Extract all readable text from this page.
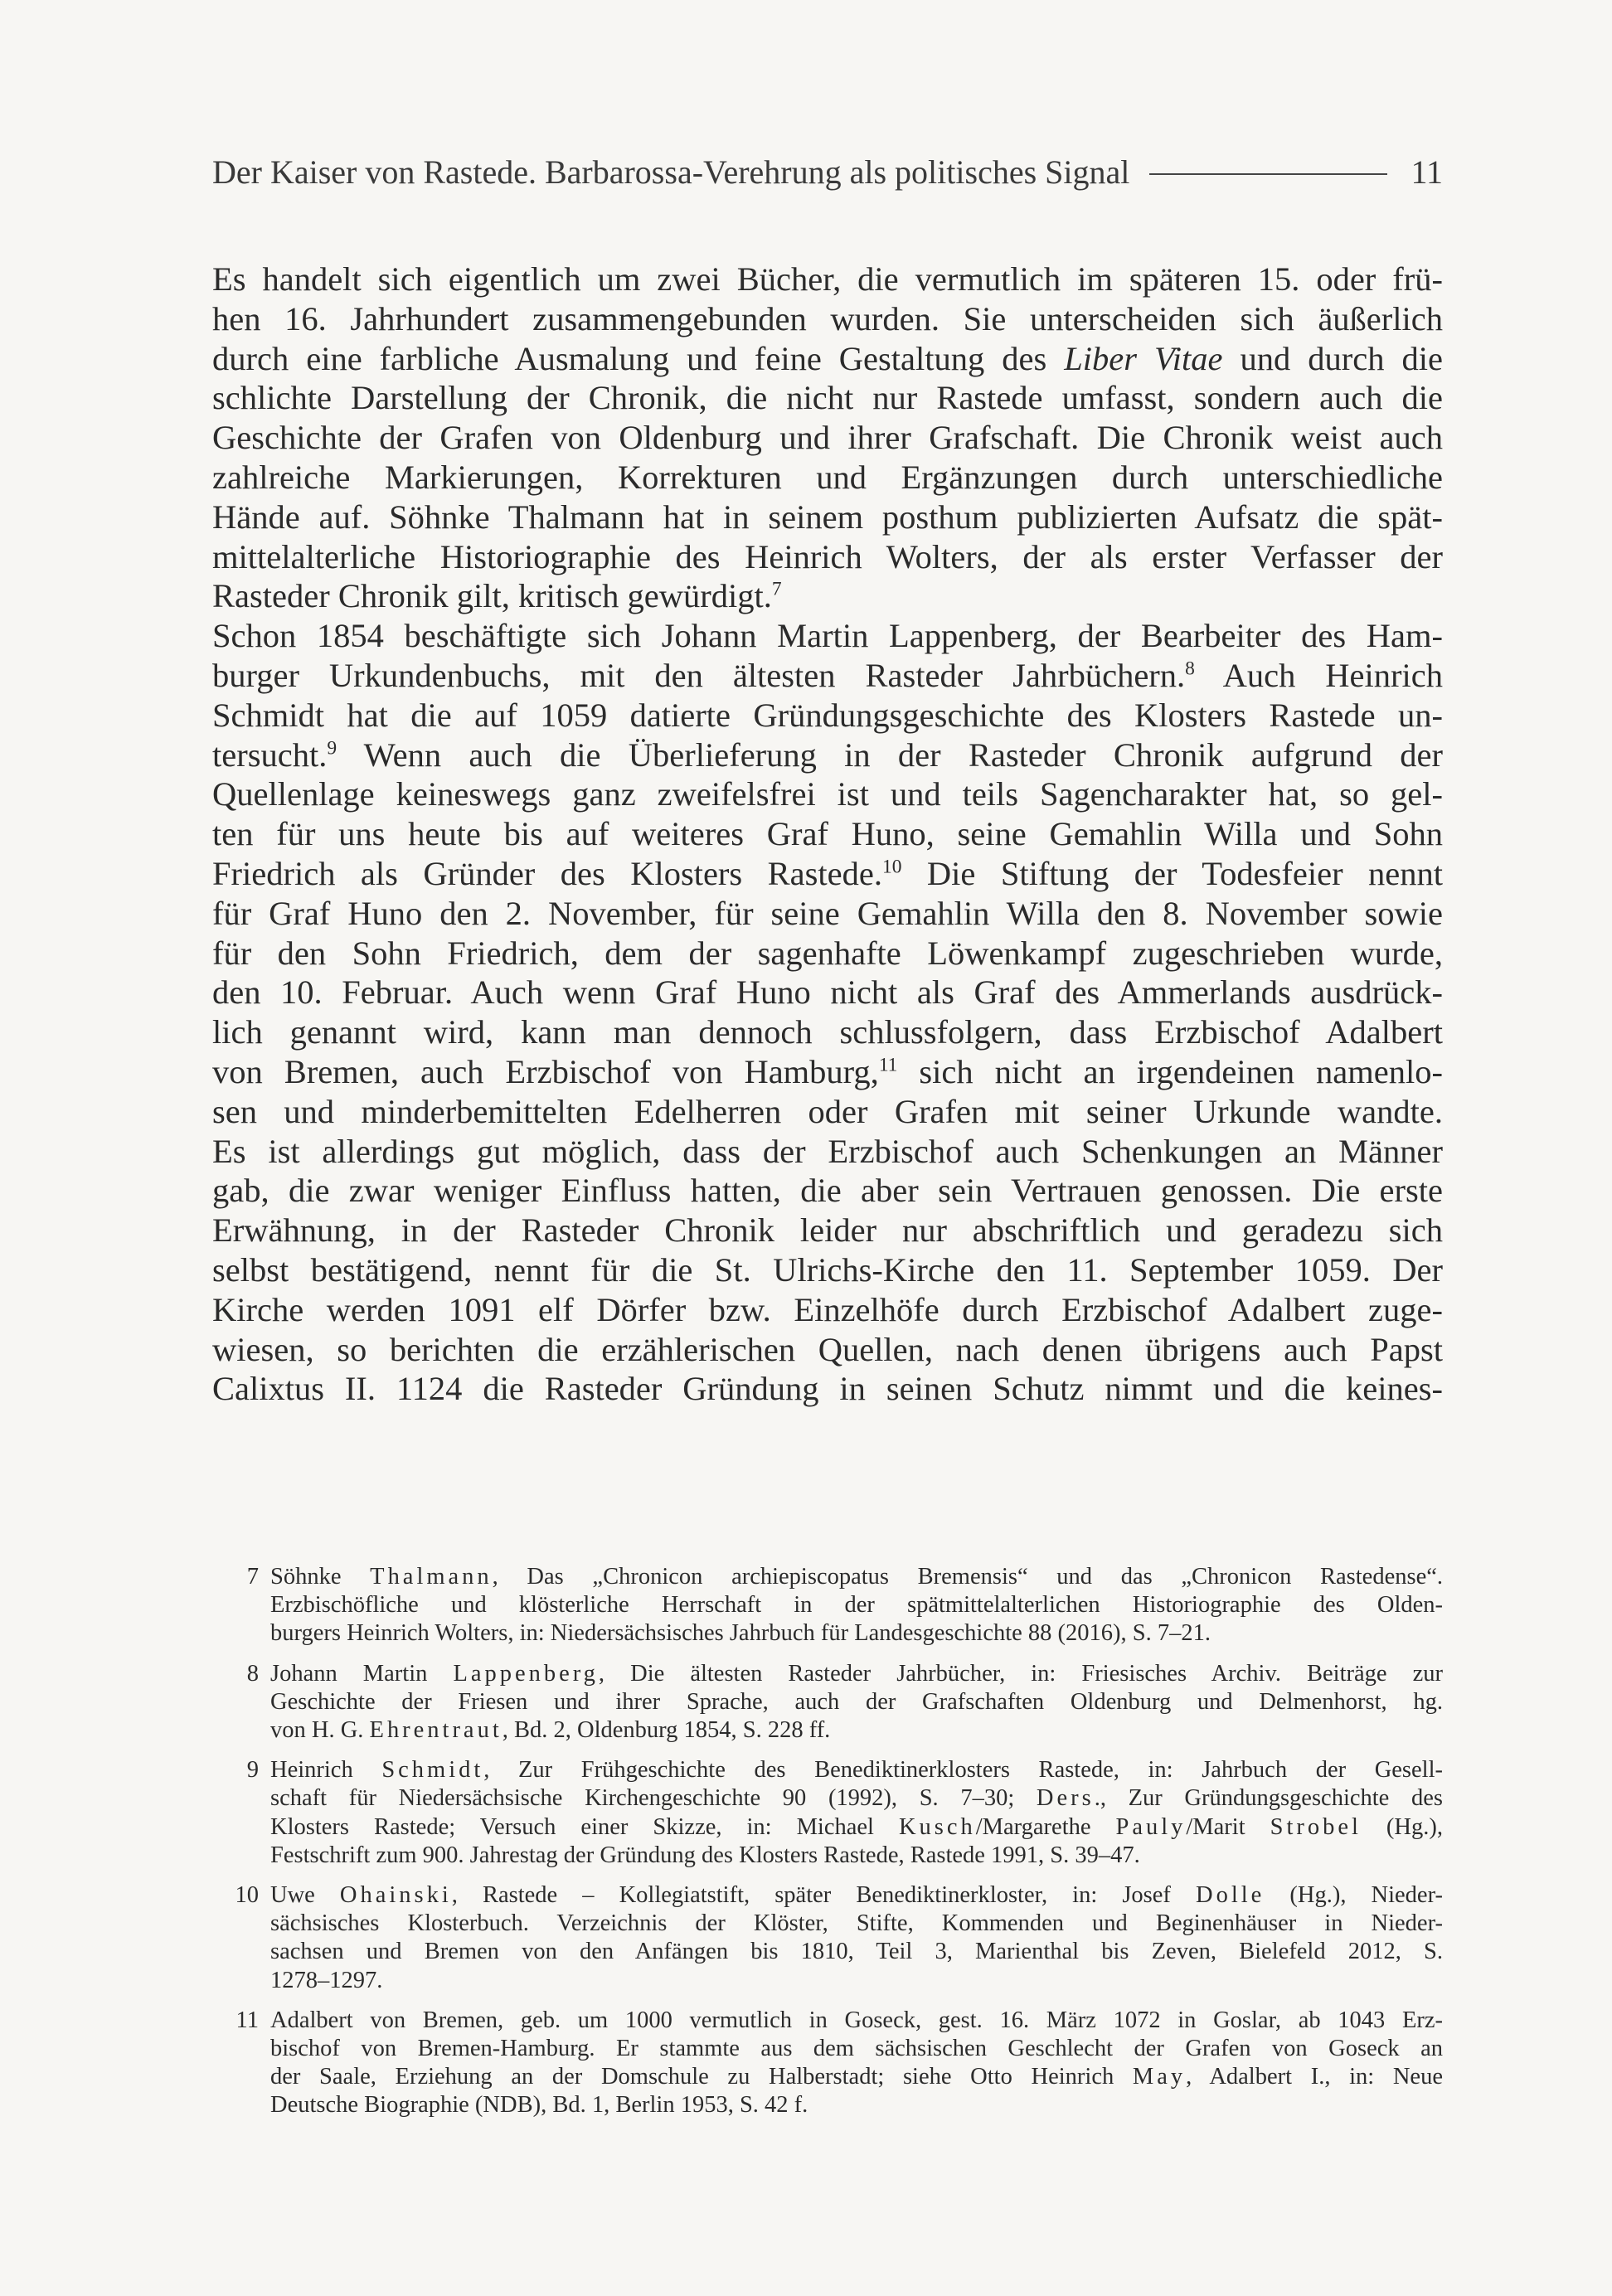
Der Kaiser von Rastede. Barbarossa-Verehrung als politisches Signal	11

Es handelt sich eigentlich um zwei Bücher, die vermutlich im späteren 15. oder frü-
hen 16. Jahrhundert zusammengebunden wurden. Sie unterscheiden sich äußerlich
durch eine farbliche Ausmalung und feine Gestaltung des Liber Vitae und durch die
schlichte Darstellung der Chronik, die nicht nur Rastede umfasst, sondern auch die
Geschichte der Grafen von Oldenburg und ihrer Grafschaft. Die Chronik weist auch
zahlreiche Markierungen, Korrekturen und Ergänzungen durch unterschiedliche
Hände auf. Söhnke Thalmann hat in seinem posthum publizierten Aufsatz die spät-
mittelalterliche Historiographie des Heinrich Wolters, der als erster Verfasser der
Rasteder Chronik gilt, kritisch gewürdigt.$^7$

Schon 1854 beschäftigte sich Johann Martin Lappenberg, der Bearbeiter des Ham-
burger Urkundenbuchs, mit den ältesten Rasteder Jahrbüchern.$^8$ Auch Heinrich
Schmidt hat die auf 1059 datierte Gründungsgeschichte des Klosters Rastede un-
tersucht.$^9$ Wenn auch die Überlieferung in der Rasteder Chronik aufgrund der
Quellenlage keineswegs ganz zweifelsfrei ist und teils Sagencharakter hat, so gel-
ten für uns heute bis auf weiteres Graf Huno, seine Gemahlin Willa und Sohn
Friedrich als Gründer des Klosters Rastede.$^{10}$ Die Stiftung der Todesfeier nennt
für Graf Huno den 2. November, für seine Gemahlin Willa den 8. November sowie
für den Sohn Friedrich, dem der sagenhafte Löwenkampf zugeschrieben wurde,
den 10. Februar. Auch wenn Graf Huno nicht als Graf des Ammerlands ausdrück-
lich genannt wird, kann man dennoch schlussfolgern, dass Erzbischof Adalbert
von Bremen, auch Erzbischof von Hamburg,$^{11}$ sich nicht an irgendeinen namenlo-
sen und minderbemittelten Edelherren oder Grafen mit seiner Urkunde wandte.
Es ist allerdings gut möglich, dass der Erzbischof auch Schenkungen an Männer
gab, die zwar weniger Einfluss hatten, die aber sein Vertrauen genossen. Die erste
Erwähnung, in der Rasteder Chronik leider nur abschriftlich und geradezu sich
selbst bestätigend, nennt für die St. Ulrichs-Kirche den 11. September 1059. Der
Kirche werden 1091 elf Dörfer bzw. Einzelhöfe durch Erzbischof Adalbert zuge-
wiesen, so berichten die erzählerischen Quellen, nach denen übrigens auch Papst
Calixtus II. 1124 die Rasteder Gründung in seinen Schutz nimmt und die keines-

7 Söhnke Thalmann, Das „Chronicon archiepiscopatus Bremensis“ und das „Chronicon Rastedense“.
Erzbischöfliche und klösterliche Herrschaft in der spätmittelalterlichen Historiographie des Olden-
burgers Heinrich Wolters, in: Niedersächsisches Jahrbuch für Landesgeschichte 88 (2016), S. 7–21.
8 Johann Martin Lappenberg, Die ältesten Rasteder Jahrbücher, in: Friesisches Archiv. Beiträge zur
Geschichte der Friesen und ihrer Sprache, auch der Grafschaften Oldenburg und Delmenhorst, hg.
von H. G. Ehrentraut, Bd. 2, Oldenburg 1854, S. 228 ff.
9 Heinrich Schmidt, Zur Frühgeschichte des Benediktinerklosters Rastede, in: Jahrbuch der Gesell-
schaft für Niedersächsische Kirchengeschichte 90 (1992), S. 7–30; Ders., Zur Gründungsgeschichte des
Klosters Rastede; Versuch einer Skizze, in: Michael Kusch/Margarethe Pauly/Marit Strobel (Hg.),
Festschrift zum 900. Jahrestag der Gründung des Klosters Rastede, Rastede 1991, S. 39–47.
10 Uwe Ohainski, Rastede – Kollegiatstift, später Benediktinerkloster, in: Josef Dolle (Hg.), Nieder-
sächsisches Klosterbuch. Verzeichnis der Klöster, Stifte, Kommenden und Beginenhäuser in Nieder-
sachsen und Bremen von den Anfängen bis 1810, Teil 3, Marienthal bis Zeven, Bielefeld 2012, S.
1278–1297.
11 Adalbert von Bremen, geb. um 1000 vermutlich in Goseck, gest. 16. März 1072 in Goslar, ab 1043 Erz-
bischof von Bremen-Hamburg. Er stammte aus dem sächsischen Geschlecht der Grafen von Goseck an
der Saale, Erziehung an der Domschule zu Halberstadt; siehe Otto Heinrich May, Adalbert I., in: Neue
Deutsche Biographie (NDB), Bd. 1, Berlin 1953, S. 42 f.
